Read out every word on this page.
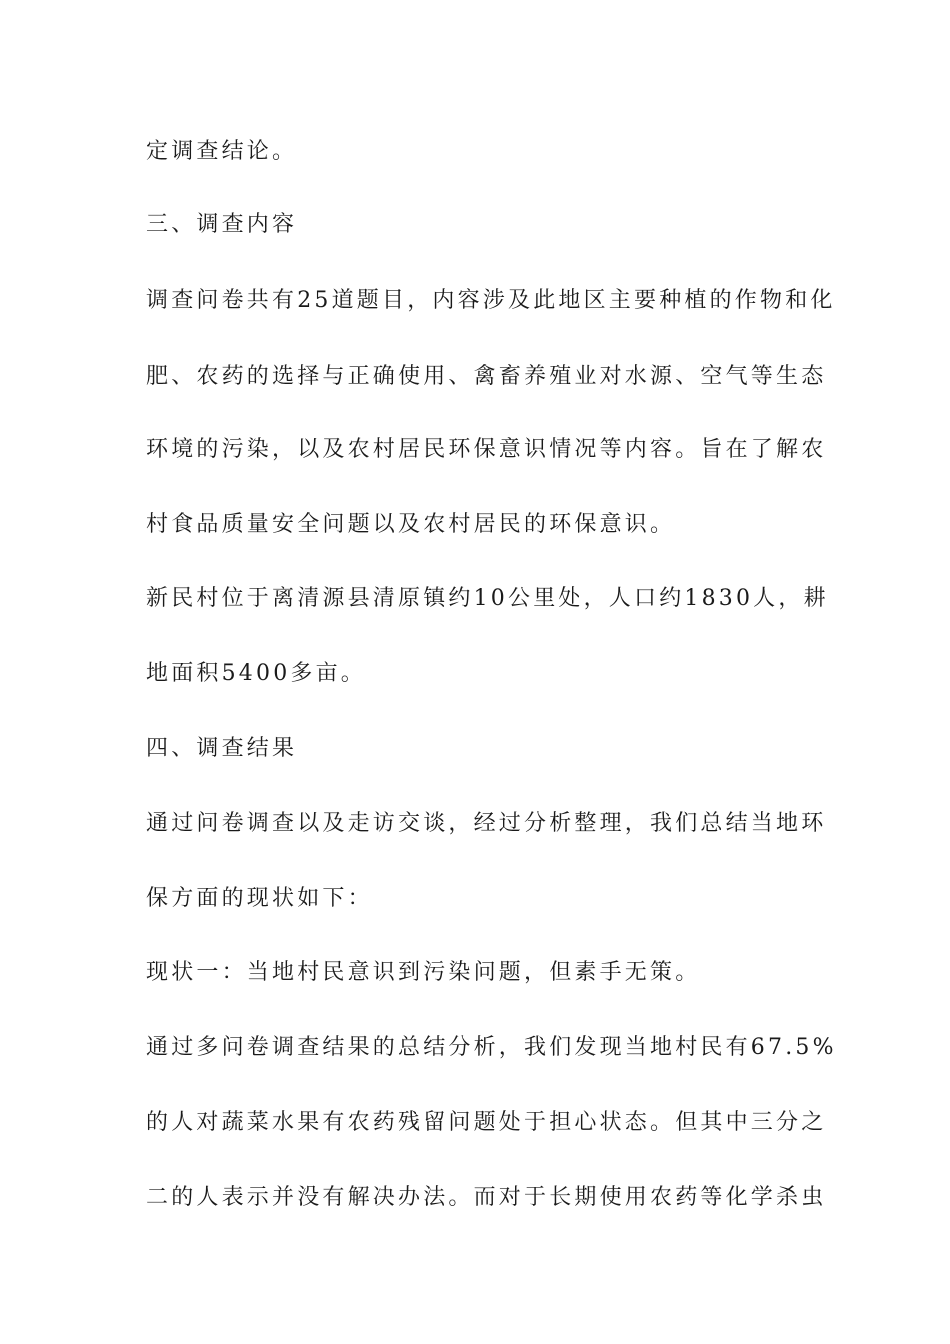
定调查结论。
三、调查内容
调查问卷共有25道题目，内容涉及此地区主要种植的作物和化
肥、农药的选择与正确使用、禽畜养殖业对水源、空气等生态
环境的污染，以及农村居民环保意识情况等内容。旨在了解农
村食品质量安全问题以及农村居民的环保意识。
新民村位于离清源县清原镇约10公里处，人口约1830人，耕
地面积5400多亩。
四、调查结果
通过问卷调查以及走访交谈，经过分析整理，我们总结当地环
保方面的现状如下：
现状一：当地村民意识到污染问题，但素手无策。
通过多问卷调查结果的总结分析，我们发现当地村民有67.5%
的人对蔬菜水果有农药残留问题处于担心状态。但其中三分之
二的人表示并没有解决办法。而对于长期使用农药等化学杀虫
